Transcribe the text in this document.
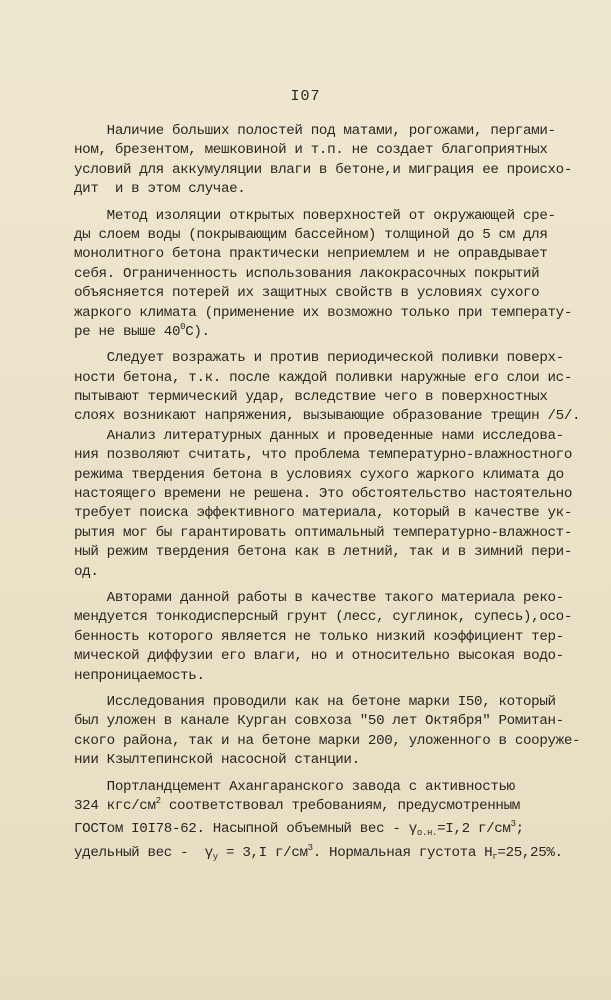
I07
Наличие больших полостей под матами, рогожами, пергами-
ном, брезентом, мешковиной и т.п. не создает благоприятных
условий для аккумуляции влаги в бетоне,и миграция ее происхо-
дит  и в этом случае.
Метод изоляции открытых поверхностей от окружающей сре-
ды слоем воды (покрывающим бассейном) толщиной до 5 см для
монолитного бетона практически неприемлем и не оправдывает
себя. Ограниченность использования лакокрасочных покрытий
объясняется потерей их защитных свойств в условиях сухого
жаркого климата (применение их возможно только при температу-
ре не выше $40^0С$).
Следует возражать и против периодической поливки поверх-
ности бетона, т.к. после каждой поливки наружные его слои ис-
пытывают термический удар, вследствие чего в поверхностных
слоях возникают напряжения, вызывающие образование трещин /5/.
Анализ литературных данных и проведенные нами исследова-
ния позволяют считать, что проблема температурно-влажностного
режима твердения бетона в условиях сухого жаркого климата до
настоящего времени не решена. Это обстоятельство настоятельно
требует поиска эффективного материала, который в качестве ук-
рытия мог бы гарантировать оптимальный температурно-влажност-
ный режим твердения бетона как в летний, так и в зимний пери-
од.
Авторами данной работы в качестве такого материала реко-
мендуется тонкодисперсный грунт (лесс, суглинок, супесь),осо-
бенность которого является не только низкий коэффициент тер-
мической диффузии его влаги, но и относительно высокая водо-
непроницаемость.
Исследования проводили как на бетоне марки I50, который
был уложен в канале Курган совхоза "50 лет Октября" Ромитан-
ского района, так и на бетоне марки 200, уложенного в сооруже-
нии Кзылтепинской насосной станции.
Портландцемент Ахангаранского завода с активностью
324 кгс/$см^2$ соответствовал требованиям, предусмотренным
ГОСТом I0I78-62. Насыпной объемный вес - $\gamma_{о.н.}=I,2$ $г/см^3$;
удельный вес -  $\gamma_у = 3,I$ $г/см^3$. Нормальная густота $Н_г=25,25\%$.
